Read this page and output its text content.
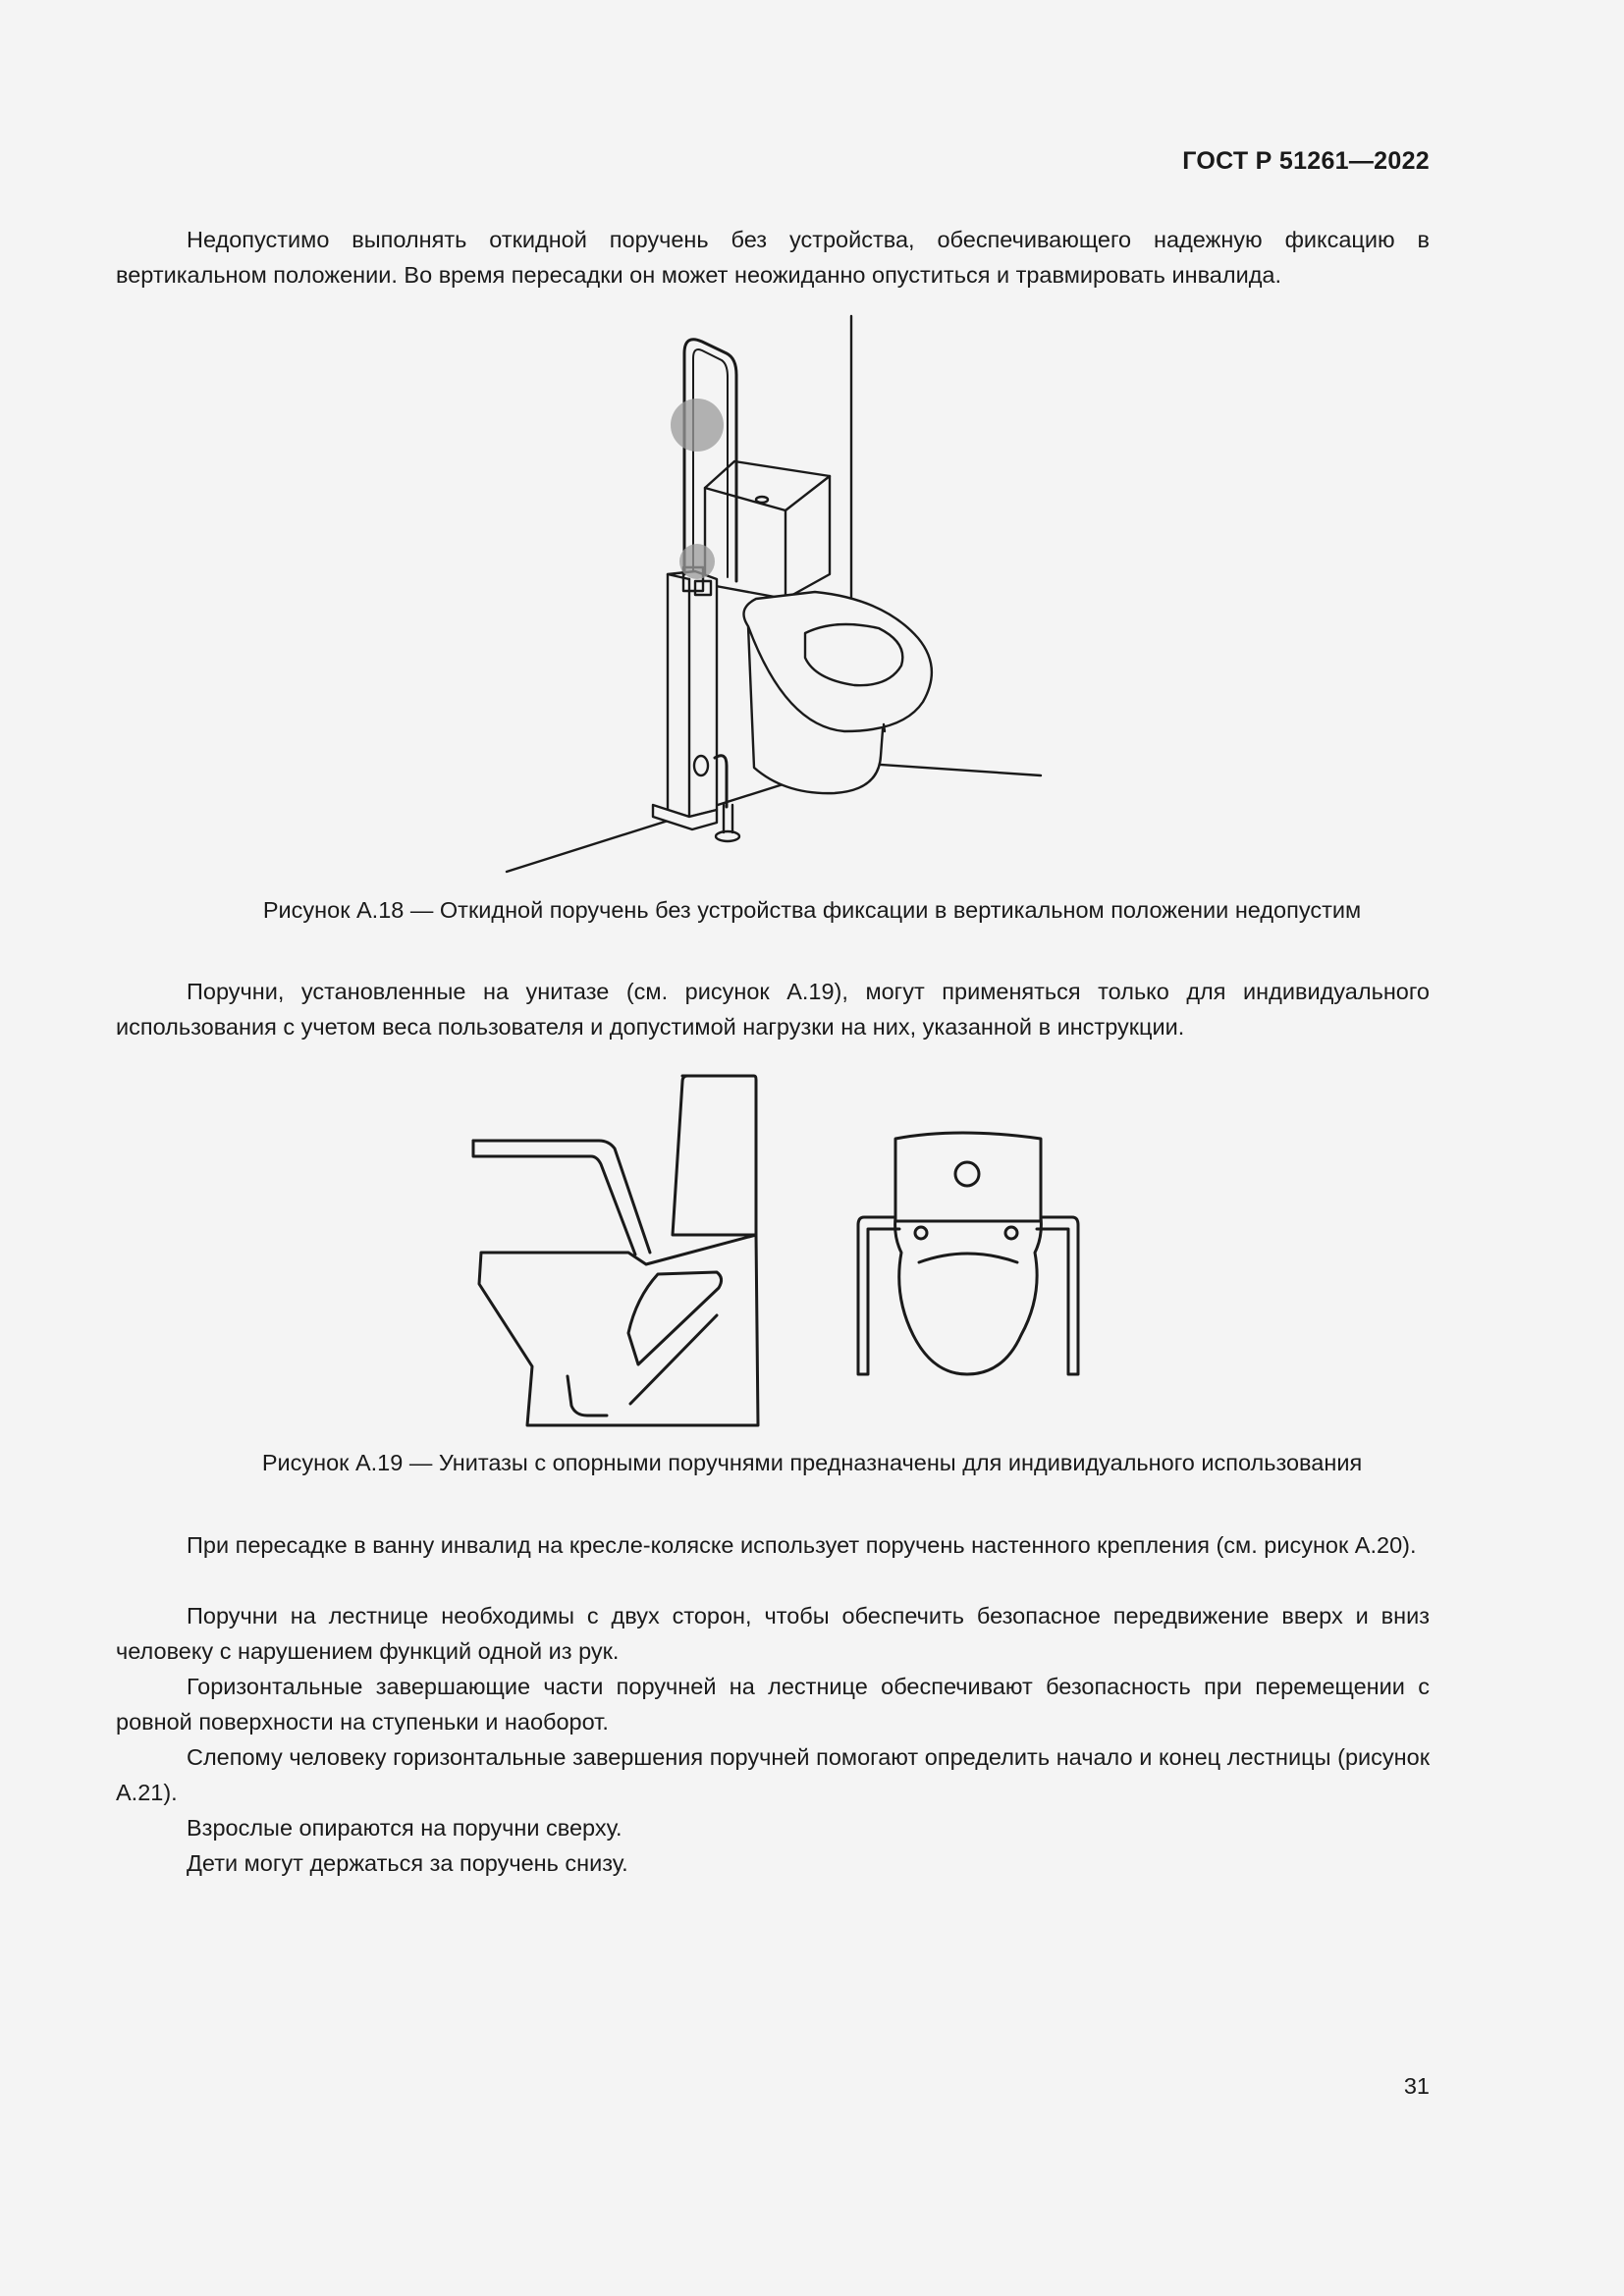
ГОСТ Р 51261—2022

Недопустимо выполнять откидной поручень без устройства, обеспечивающего надежную фиксацию в вертикальном положении. Во время пересадки он может неожиданно опуститься и травмировать инвалида.

Рисунок А.18 — Откидной поручень без устройства фиксации в вертикальном положении недопустим

Поручни, установленные на унитазе (см. рисунок А.19), могут применяться только для индивидуального использования с учетом веса пользователя и допустимой нагрузки на них, указанной в инструкции.

Рисунок А.19 — Унитазы с опорными поручнями предназначены для индивидуального использования

При пересадке в ванну инвалид на кресле-коляске использует поручень настенного крепления (см. рисунок А.20).

Поручни на лестнице необходимы с двух сторон, чтобы обеспечить безопасное передвижение вверх и вниз человеку с нарушением функций одной из рук.

Горизонтальные завершающие части поручней на лестнице обеспечивают безопасность при перемещении с ровной поверхности на ступеньки и наоборот.

Слепому человеку горизонтальные завершения поручней помогают определить начало и конец лестницы (рисунок А.21).

Взрослые опираются на поручни сверху.

Дети могут держаться за поручень снизу.

31
